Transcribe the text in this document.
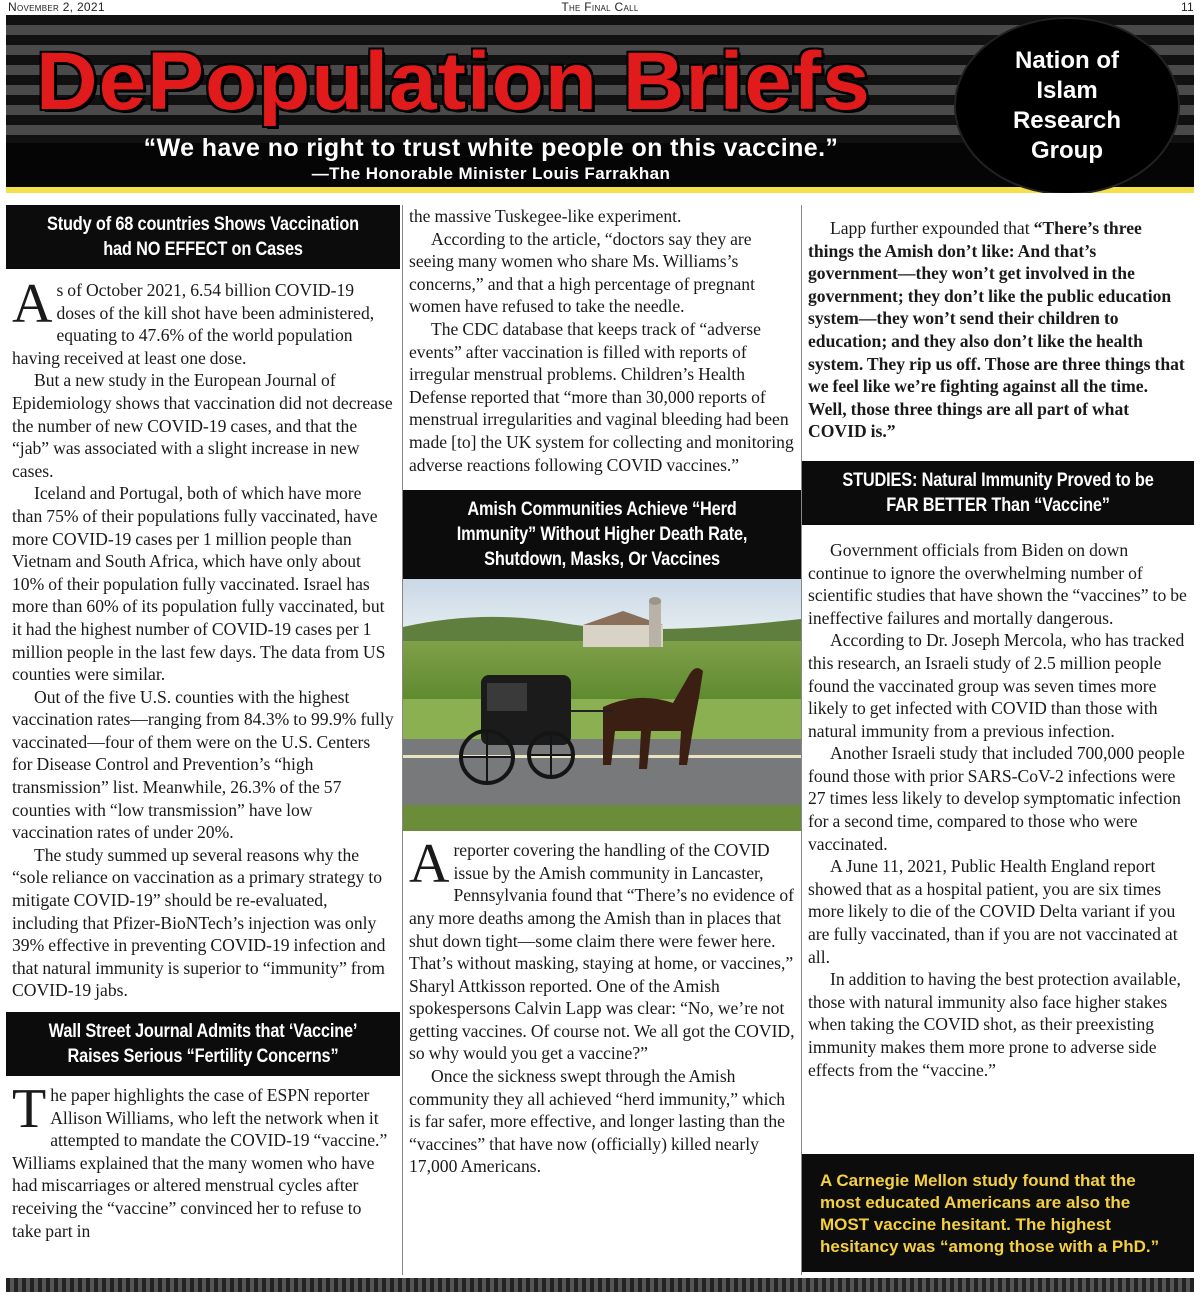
November 2, 2021	The Final Call	11
DePopulation Briefs
“We have no right to trust white people on this vaccine.”
—The Honorable Minister Louis Farrakhan
Nation of
Islam
Research
Group
Study of 68 countries Shows Vaccination had NO EFFECT on Cases

As of October 2021, 6.54 billion COVID-19 doses of the kill shot have been administered, equating to 47.6% of the world population having received at least one dose.

But a new study in the European Journal of Epidemiology shows that vaccination did not decrease the number of new COVID-19 cases, and that the “jab” was associated with a slight increase in new cases.

Iceland and Portugal, both of which have more than 75% of their populations fully vaccinated, have more COVID-19 cases per 1 million people than Vietnam and South Africa, which have only about 10% of their population fully vaccinated. Israel has more than 60% of its population fully vaccinated, but it had the highest number of COVID-19 cases per 1 million people in the last few days. The data from US counties were similar.

Out of the five U.S. counties with the highest vaccination rates—ranging from 84.3% to 99.9% fully vaccinated—four of them were on the U.S. Centers for Disease Control and Prevention’s “high transmission” list. Meanwhile, 26.3% of the 57 counties with “low transmission” have low vaccination rates of under 20%.

The study summed up several reasons why the “sole reliance on vaccination as a primary strategy to mitigate COVID-19” should be re-evaluated, including that Pfizer-BioNTech’s injection was only 39% effective in preventing COVID-19 infection and that natural immunity is superior to “immunity” from COVID-19 jabs.

Wall Street Journal Admits that ‘Vaccine’ Raises Serious “Fertility Concerns”

The paper highlights the case of ESPN reporter Allison Williams, who left the network when it attempted to mandate the COVID-19 “vaccine.” Williams explained that the many women who have had miscarriages or altered menstrual cycles after receiving the “vaccine” convinced her to refuse to take part in

the massive Tuskegee-like experiment.

According to the article, “doctors say they are seeing many women who share Ms. Williams’s concerns,” and that a high percentage of pregnant women have refused to take the needle.

The CDC database that keeps track of “adverse events” after vaccination is filled with reports of irregular menstrual problems. Children’s Health Defense reported that “more than 30,000 reports of menstrual irregularities and vaginal bleeding had been made [to] the UK system for collecting and monitoring adverse reactions following COVID vaccines.”

Amish Communities Achieve “Herd Immunity” Without Higher Death Rate, Shutdown, Masks, Or Vaccines

Areporter covering the handling of the COVID issue by the Amish community in Lancaster, Pennsylvania found that “There’s no evidence of any more deaths among the Amish than in places that shut down tight—some claim there were fewer here. That’s without masking, staying at home, or vaccines,” Sharyl Attkisson reported. One of the Amish spokespersons Calvin Lapp was clear: “No, we’re not getting vaccines. Of course not. We all got the COVID, so why would you get a vaccine?”

Once the sickness swept through the Amish community they all achieved “herd immunity,” which is far safer, more effective, and longer lasting than the “vaccines” that have now (officially) killed nearly 17,000 Americans.

Lapp further expounded that “There’s three things the Amish don’t like: And that’s government—they won’t get involved in the government; they don’t like the public education system—they won’t send their children to education; and they also don’t like the health system. They rip us off. Those are three things that we feel like we’re fighting against all the time. Well, those three things are all part of what COVID is.”

STUDIES: Natural Immunity Proved to be FAR BETTER Than “Vaccine”

Government officials from Biden on down continue to ignore the overwhelming number of scientific studies that have shown the “vaccines” to be ineffective failures and mortally dangerous.

According to Dr. Joseph Mercola, who has tracked this research, an Israeli study of 2.5 million people found the vaccinated group was seven times more likely to get infected with COVID than those with natural immunity from a previous infection.

Another Israeli study that included 700,000 people found those with prior SARS-CoV-2 infections were 27 times less likely to develop symptomatic infection for a second time, compared to those who were vaccinated.

A June 11, 2021, Public Health England report showed that as a hospital patient, you are six times more likely to die of the COVID Delta variant if you are fully vaccinated, than if you are not vaccinated at all.

In addition to having the best protection available, those with natural immunity also face higher stakes when taking the COVID shot, as their preexisting immunity makes them more prone to adverse side effects from the “vaccine.”

A Carnegie Mellon study found that the most educated Americans are also the MOST vaccine hesitant. The highest hesitancy was “among those with a PhD.”
